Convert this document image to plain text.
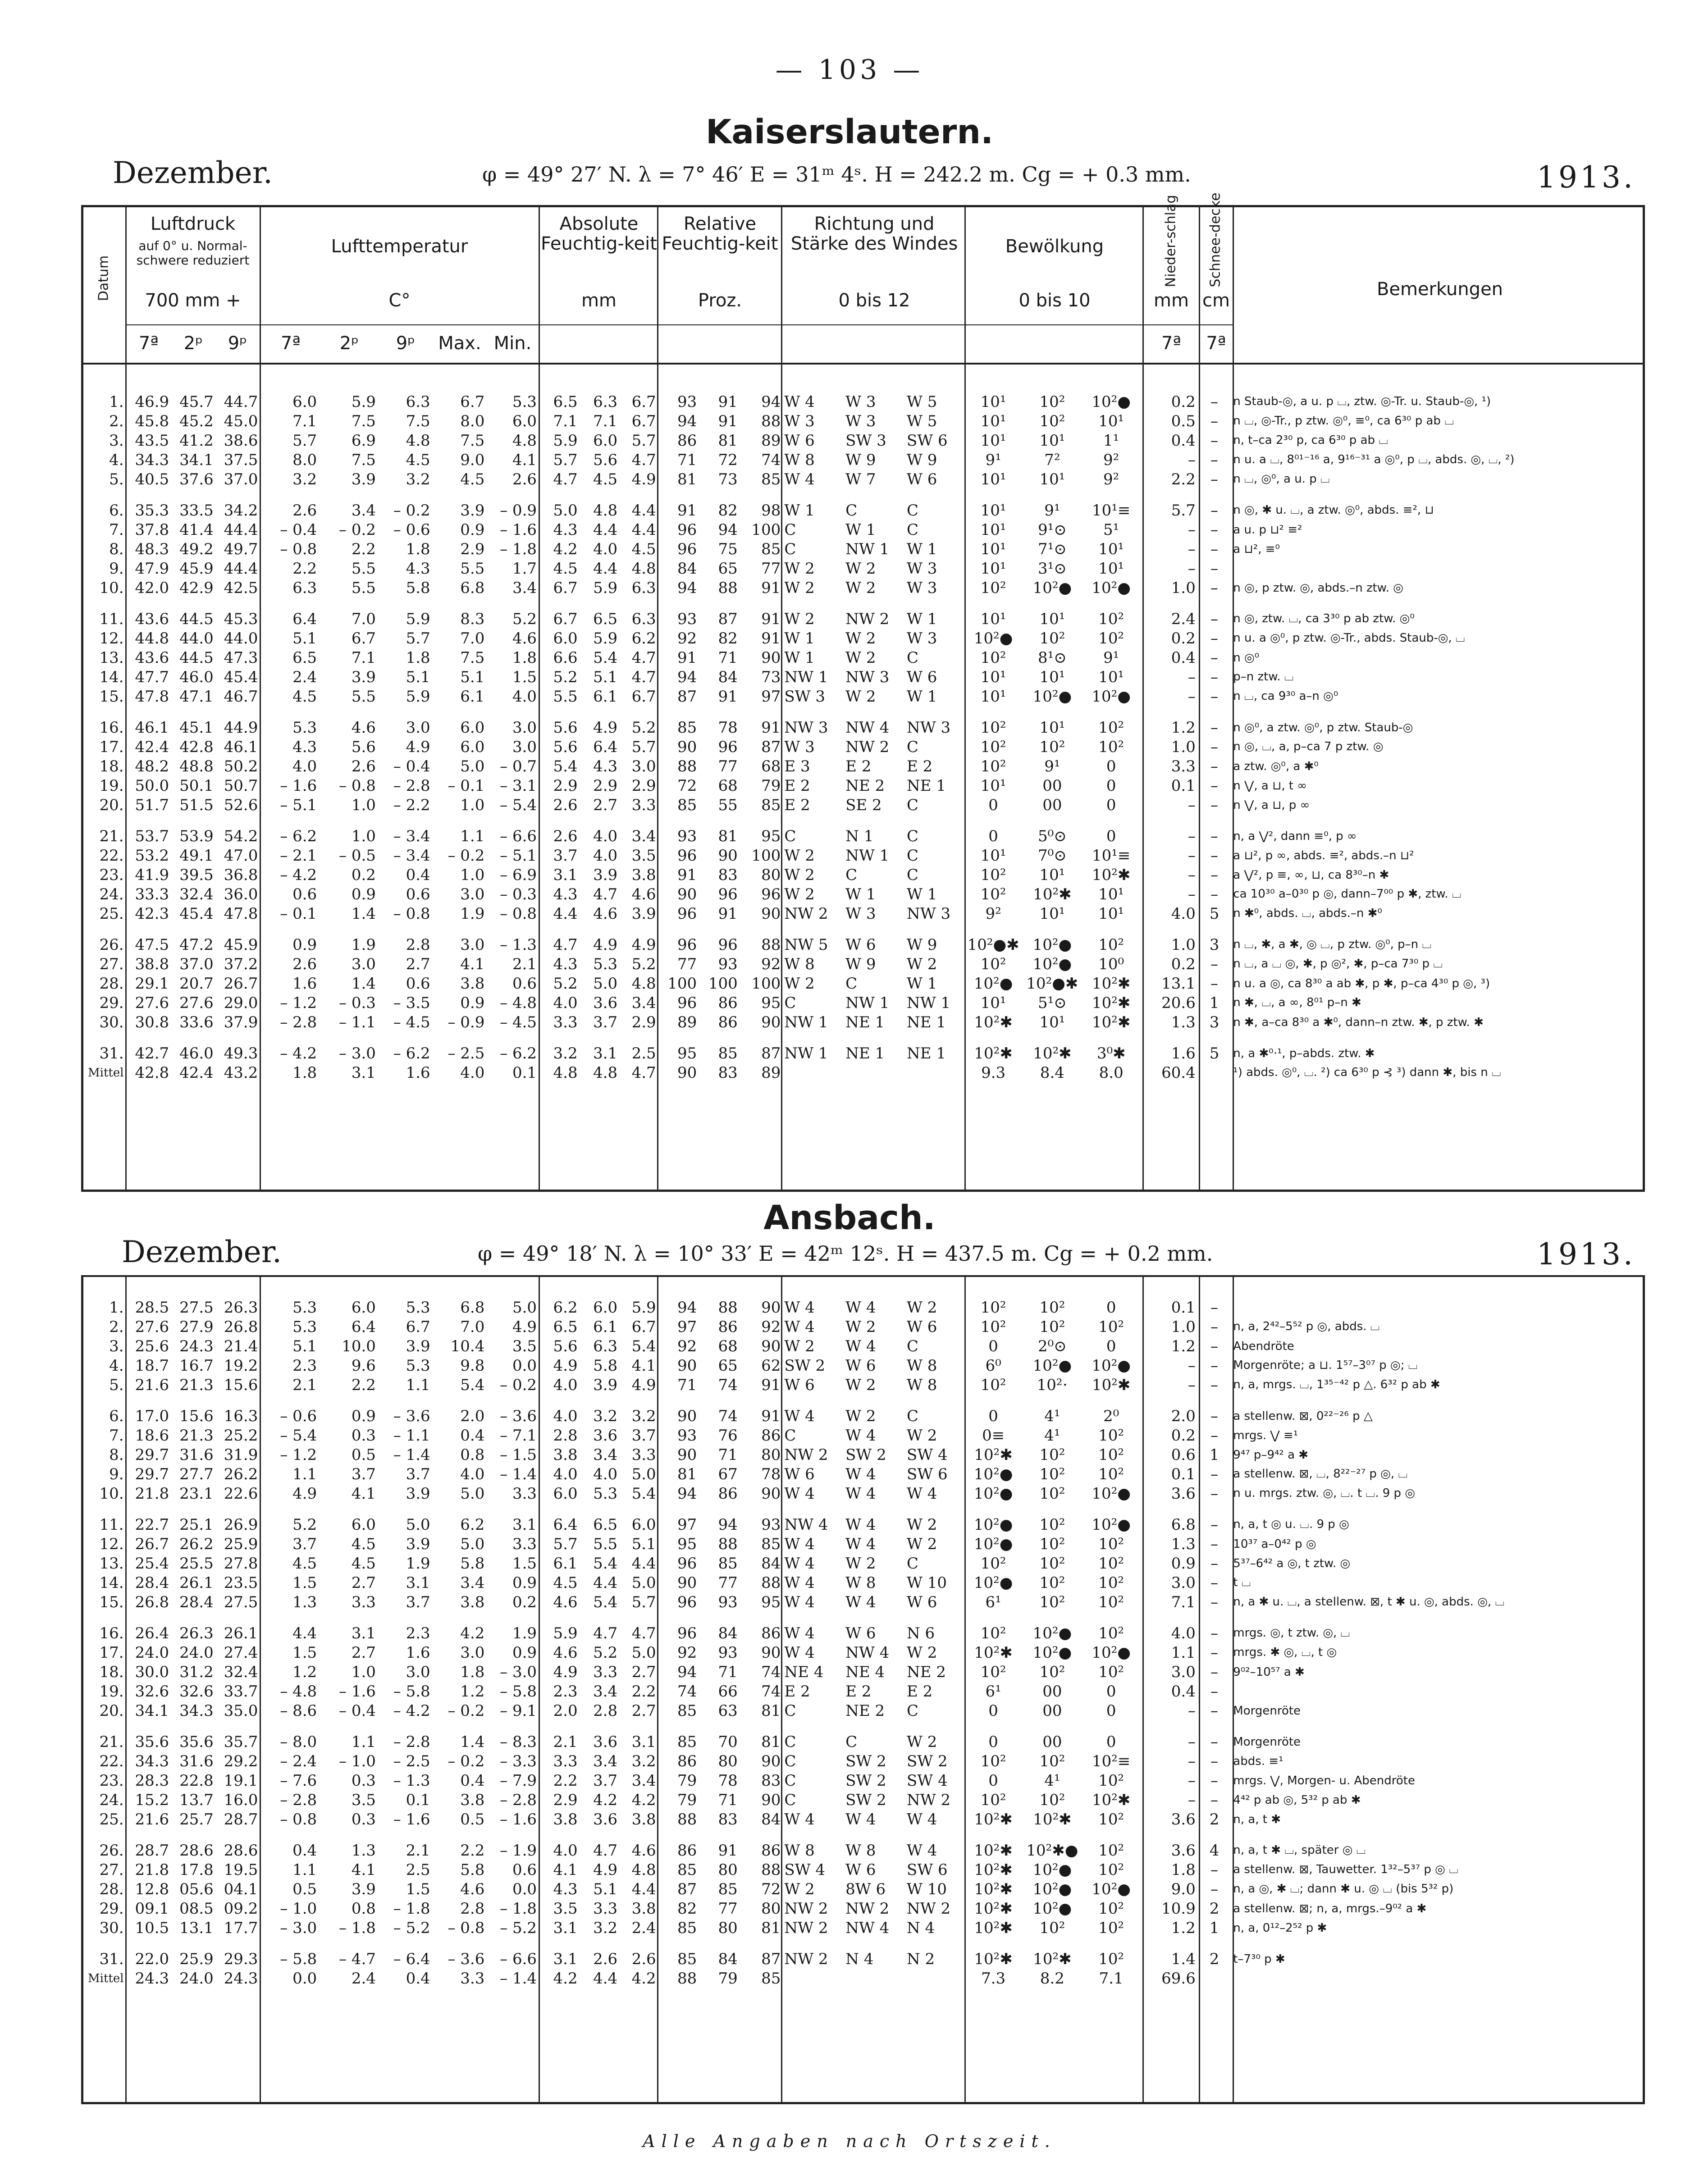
— 103 —
Kaiserslautern.
Dezember.	φ = 49° 27′ N. λ = 7° 46′ E = 31ᵐ 4ˢ. H = 242.2 m. Cg = + 0.3 mm.	1913.
Datum
Luftdruck
auf 0° u. Normal-schwere reduziert
700 mm +
Lufttemperatur
C°
Absolute Feuchtig-keit
mm
Relative Feuchtig-keit
Proz.
Richtung und Stärke des Windes
0 bis 12
Bewölkung
0 bis 10
Nieder-schlag
mm
Schnee-decke
cm
Bemerkungen
7ª	2ᵖ	9ᵖ	7ª	2ᵖ	9ᵖ	Max. Min.	7ª	7ª
1.	46.9	45.7	44.7	6.0	5.9	6.3	6.7	5.3	6.5	6.3	6.7	93	91	94	W 4	W 3	W 5	10¹	10²	10²●	0.2	–	n Staub-◎, a u. p ⌴, ztw. ◎-Tr. u. Staub-◎, ¹)
2.	45.8	45.2	45.0	7.1	7.5	7.5	8.0	6.0	7.1	7.1	6.7	94	91	88	W 3	W 3	W 5	10¹	10²	10¹	0.5	–	n ⌴, ◎-Tr., p ztw. ◎⁰, ≡⁰, ca 6³⁰ p ab ⌴
3.	43.5	41.2	38.6	5.7	6.9	4.8	7.5	4.8	5.9	6.0	5.7	86	81	89	W 6	SW 3	SW 6	10¹	10¹	1¹	0.4	–	n, t–ca 2³⁰ p, ca 6³⁰ p ab ⌴
4.	34.3	34.1	37.5	8.0	7.5	4.5	9.0	4.1	5.7	5.6	4.7	71	72	74	W 8	W 9	W 9	9¹	7²	9²	–	–	n u. a ⌴, 8⁰¹⁻¹⁶ a, 9¹⁶⁻³¹ a ◎⁰, p ⌴, abds. ◎, ⌴, ²)
5.	40.5	37.6	37.0	3.2	3.9	3.2	4.5	2.6	4.7	4.5	4.9	81	73	85	W 4	W 7	W 6	10¹	10¹	9²	2.2	–	n ⌴, ◎⁰, a u. p ⌴
6.	35.3	33.5	34.2	2.6	3.4	– 0.2	3.9	– 0.9	5.0	4.8	4.4	91	82	98	W 1	C	C	10¹	9¹	10¹≡	5.7	–	n ◎, ✱ u. ⌴, a ztw. ◎⁰, abds. ≡², ⊔
7.	37.8	41.4	44.4	– 0.4	– 0.2	– 0.6	0.9	– 1.6	4.3	4.4	4.4	96	94	100	C	W 1	C	10¹	9¹⊙	5¹	–	–	a u. p ⊔² ≡²
8.	48.3	49.2	49.7	– 0.8	2.2	1.8	2.9	– 1.8	4.2	4.0	4.5	96	75	85	C	NW 1	W 1	10¹	7¹⊙	10¹	–	–	a ⊔², ≡⁰
9.	47.9	45.9	44.4	2.2	5.5	4.3	5.5	1.7	4.5	4.4	4.8	84	65	77	W 2	W 2	W 3	10¹	3¹⊙	10¹	–	–	
10.	42.0	42.9	42.5	6.3	5.5	5.8	6.8	3.4	6.7	5.9	6.3	94	88	91	W 2	W 2	W 3	10²	10²●	10²●	1.0	–	n ◎, p ztw. ◎, abds.–n ztw. ◎
11.	43.6	44.5	45.3	6.4	7.0	5.9	8.3	5.2	6.7	6.5	6.3	93	87	91	W 2	NW 2	W 1	10¹	10¹	10²	2.4	–	n ◎, ztw. ⌴, ca 3³⁰ p ab ztw. ◎⁰
12.	44.8	44.0	44.0	5.1	6.7	5.7	7.0	4.6	6.0	5.9	6.2	92	82	91	W 1	W 2	W 3	10²●	10²	10²	0.2	–	n u. a ◎⁰, p ztw. ◎-Tr., abds. Staub-◎, ⌴
13.	43.6	44.5	47.3	6.5	7.1	1.8	7.5	1.8	6.6	5.4	4.7	91	71	90	W 1	W 2	C	10²	8¹⊙	9¹	0.4	–	n ◎⁰
14.	47.7	46.0	45.4	2.4	3.9	5.1	5.1	1.5	5.2	5.1	4.7	94	84	73	NW 1	NW 3	W 6	10¹	10¹	10¹	–	–	p–n ztw. ⌴
15.	47.8	47.1	46.7	4.5	5.5	5.9	6.1	4.0	5.5	6.1	6.7	87	91	97	SW 3	W 2	W 1	10¹	10²●	10²●	–	–	n ⌴, ca 9³⁰ a–n ◎⁰
16.	46.1	45.1	44.9	5.3	4.6	3.0	6.0	3.0	5.6	4.9	5.2	85	78	91	NW 3	NW 4	NW 3	10²	10¹	10²	1.2	–	n ◎⁰, a ztw. ◎⁰, p ztw. Staub-◎
17.	42.4	42.8	46.1	4.3	5.6	4.9	6.0	3.0	5.6	6.4	5.7	90	96	87	W 3	NW 2	C	10²	10²	10²	1.0	–	n ◎, ⌴, a, p–ca 7 p ztw. ◎
18.	48.2	48.8	50.2	4.0	2.6	– 0.4	5.0	– 0.7	5.4	4.3	3.0	88	77	68	E 3	E 2	E 2	10²	9¹	0	3.3	–	a ztw. ◎⁰, a ✱⁰
19.	50.0	50.1	50.7	– 1.6	– 0.8	– 2.8	– 0.1	– 3.1	2.9	2.9	2.9	72	68	79	E 2	NE 2	NE 1	10¹	00	0	0.1	–	n ⋁, a ⊔, t ∞
20.	51.7	51.5	52.6	– 5.1	1.0	– 2.2	1.0	– 5.4	2.6	2.7	3.3	85	55	85	E 2	SE 2	C	0	00	0	–	–	n ⋁, a ⊔, p ∞
21.	53.7	53.9	54.2	– 6.2	1.0	– 3.4	1.1	– 6.6	2.6	4.0	3.4	93	81	95	C	N 1	C	0	5⁰⊙	0	–	–	n, a ⋁², dann ≡⁰, p ∞
22.	53.2	49.1	47.0	– 2.1	– 0.5	– 3.4	– 0.2	– 5.1	3.7	4.0	3.5	96	90	100	W 2	NW 1	C	10¹	7⁰⊙	10¹≡	–	–	a ⊔², p ∞, abds. ≡², abds.–n ⊔²
23.	41.9	39.5	36.8	– 4.2	0.2	0.4	1.0	– 6.9	3.1	3.9	3.8	91	83	80	W 2	C	C	10²	10¹	10²✱	–	–	a ⋁², p ≡, ∞, ⊔, ca 8³⁰–n ✱
24.	33.3	32.4	36.0	0.6	0.9	0.6	3.0	– 0.3	4.3	4.7	4.6	90	96	96	W 2	W 1	W 1	10²	10²✱	10¹	–	–	ca 10³⁰ a–0³⁰ p ◎, dann–7⁰⁰ p ✱, ztw. ⌴
25.	42.3	45.4	47.8	– 0.1	1.4	– 0.8	1.9	– 0.8	4.4	4.6	3.9	96	91	90	NW 2	W 3	NW 3	9²	10¹	10¹	4.0	5	n ✱⁰, abds. ⌴, abds.–n ✱⁰
26.	47.5	47.2	45.9	0.9	1.9	2.8	3.0	– 1.3	4.7	4.9	4.9	96	96	88	NW 5	W 6	W 9	10²●✱	10²●	10²	1.0	3	n ⌴, ✱, a ✱, ◎ ⌴, p ztw. ◎⁰, p–n ⌴
27.	38.8	37.0	37.2	2.6	3.0	2.7	4.1	2.1	4.3	5.3	5.2	77	93	92	W 8	W 9	W 2	10²	10²●	10⁰	0.2	–	n ⌴, a ⌴ ◎, ✱, p ◎², ✱, p–ca 7³⁰ p ⌴
28.	29.1	20.7	26.7	1.6	1.4	0.6	3.8	0.6	5.2	5.0	4.8	100	100	100	W 2	C	W 1	10²●	10²●✱	10²✱	13.1	–	n u. a ◎, ca 8³⁰ a ab ✱, p ✱, p–ca 4³⁰ p ◎, ³)
29.	27.6	27.6	29.0	– 1.2	– 0.3	– 3.5	0.9	– 4.8	4.0	3.6	3.4	96	86	95	C	NW 1	NW 1	10¹	5¹⊙	10²✱	20.6	1	n ✱, ⌴, a ∞, 8⁰¹ p–n ✱
30.	30.8	33.6	37.9	– 2.8	– 1.1	– 4.5	– 0.9	– 4.5	3.3	3.7	2.9	89	86	90	NW 1	NE 1	NE 1	10²✱	10¹	10²✱	1.3	3	n ✱, a–ca 8³⁰ a ✱⁰, dann–n ztw. ✱, p ztw. ✱
31.	42.7	46.0	49.3	– 4.2	– 3.0	– 6.2	– 2.5	– 6.2	3.2	3.1	2.5	95	85	87	NW 1	NE 1	NE 1	10²✱	10²✱	3⁰✱	1.6	5	n, a ✱⁰⋅¹, p–abds. ztw. ✱
Mittel	42.8	42.4	43.2	1.8	3.1	1.6	4.0	0.1	4.8	4.8	4.7	90	83	89				9.3	8.4	8.0	60.4		¹) abds. ◎⁰, ⌴. ²) ca 6³⁰ p ⊰ ³) dann ✱, bis n ⌴
Ansbach.
Dezember.	φ = 49° 18′ N. λ = 10° 33′ E = 42ᵐ 12ˢ. H = 437.5 m. Cg = + 0.2 mm.	1913.
1.	28.5	27.5	26.3	5.3	6.0	5.3	6.8	5.0	6.2	6.0	5.9	94	88	90	W 4	W 4	W 2	10²	10²	0	0.1	–	
2.	27.6	27.9	26.8	5.3	6.4	6.7	7.0	4.9	6.5	6.1	6.7	97	86	92	W 4	W 2	W 6	10²	10²	10²	1.0	–	n, a, 2⁴²–5⁵² p ◎, abds. ⌴
3.	25.6	24.3	21.4	5.1	10.0	3.9	10.4	3.5	5.6	6.3	5.4	92	68	90	W 2	W 4	C	0	2⁰⊙	0	1.2	–	Abendröte
4.	18.7	16.7	19.2	2.3	9.6	5.3	9.8	0.0	4.9	5.8	4.1	90	65	62	SW 2	W 6	W 8	6⁰	10²●	10²●	–	–	Morgenröte; a ⊔. 1⁵⁷–3⁰⁷ p ◎; ⌴
5.	21.6	21.3	15.6	2.1	2.2	1.1	5.4	– 0.2	4.0	3.9	4.9	71	74	91	W 6	W 2	W 8	10²	10²⋅	10²✱	–	–	n, a, mrgs. ⌴, 1³⁵⁻⁴² p △. 6³² p ab ✱
6.	17.0	15.6	16.3	– 0.6	0.9	– 3.6	2.0	– 3.6	4.0	3.2	3.2	90	74	91	W 4	W 2	C	0	4¹	2⁰	2.0	–	a stellenw. ⊠, 0²²⁻²⁶ p △
7.	18.6	21.3	25.2	– 5.4	0.3	– 1.1	0.4	– 7.1	2.8	3.6	3.7	93	76	86	C	W 4	W 2	0≡	4¹	10²	0.2	–	mrgs. ⋁ ≡¹
8.	29.7	31.6	31.9	– 1.2	0.5	– 1.4	0.8	– 1.5	3.8	3.4	3.3	90	71	80	NW 2	SW 2	SW 4	10²✱	10²	10²	0.6	1	9⁴⁷ p–9⁴² a ✱
9.	29.7	27.7	26.2	1.1	3.7	3.7	4.0	– 1.4	4.0	4.0	5.0	81	67	78	W 6	W 4	SW 6	10²●	10²	10²	0.1	–	a stellenw. ⊠, ⌴, 8²²⁻²⁷ p ◎, ⌴
10.	21.8	23.1	22.6	4.9	4.1	3.9	5.0	3.3	6.0	5.3	5.4	94	86	90	W 4	W 4	W 4	10²●	10²	10²●	3.6	–	n u. mrgs. ztw. ◎, ⌴. t ⌴. 9 p ◎
11.	22.7	25.1	26.9	5.2	6.0	5.0	6.2	3.1	6.4	6.5	6.0	97	94	93	NW 4	W 4	W 2	10²●	10²	10²●	6.8	–	n, a, t ◎ u. ⌴. 9 p ◎
12.	26.7	26.2	25.9	3.7	4.5	3.9	5.0	3.3	5.7	5.5	5.1	95	88	85	W 4	W 4	W 2	10²●	10²	10²	1.3	–	10³⁷ a–0⁴² p ◎
13.	25.4	25.5	27.8	4.5	4.5	1.9	5.8	1.5	6.1	5.4	4.4	96	85	84	W 4	W 2	C	10²	10²	10²	0.9	–	5³⁷–6⁴² a ◎, t ztw. ◎
14.	28.4	26.1	23.5	1.5	2.7	3.1	3.4	0.9	4.5	4.4	5.0	90	77	88	W 4	W 8	W 10	10²●	10²	10²	3.0	–	t ⌴
15.	26.8	28.4	27.5	1.3	3.3	3.7	3.8	0.2	4.6	5.4	5.7	96	93	95	W 4	W 4	W 6	6¹	10²	10²	7.1	–	n, a ✱ u. ⌴, a stellenw. ⊠, t ✱ u. ◎, abds. ◎, ⌴
16.	26.4	26.3	26.1	4.4	3.1	2.3	4.2	1.9	5.9	4.7	4.7	96	84	86	W 4	W 6	N 6	10²	10²●	10²	4.0	–	mrgs. ◎, t ztw. ◎, ⌴
17.	24.0	24.0	27.4	1.5	2.7	1.6	3.0	0.9	4.6	5.2	5.0	92	93	90	W 4	NW 4	W 2	10²✱	10²●	10²●	1.1	–	mrgs. ✱ ◎, ⌴, t ◎
18.	30.0	31.2	32.4	1.2	1.0	3.0	1.8	– 3.0	4.9	3.3	2.7	94	71	74	NE 4	NE 4	NE 2	10²	10²	10²	3.0	–	9⁰²–10⁵⁷ a ✱
19.	32.6	32.6	33.7	– 4.8	– 1.6	– 5.8	1.2	– 5.8	2.3	3.4	2.2	74	66	74	E 2	E 2	E 2	6¹	00	0	0.4	–	
20.	34.1	34.3	35.0	– 8.6	– 0.4	– 4.2	– 0.2	– 9.1	2.0	2.8	2.7	85	63	81	C	NE 2	C	0	00	0	–	–	Morgenröte
21.	35.6	35.6	35.7	– 8.0	1.1	– 2.8	1.4	– 8.3	2.1	3.6	3.1	85	70	81	C	C	W 2	0	00	0	–	–	Morgenröte
22.	34.3	31.6	29.2	– 2.4	– 1.0	– 2.5	– 0.2	– 3.3	3.3	3.4	3.2	86	80	90	C	SW 2	SW 2	10²	10²	10²≡	–	–	abds. ≡¹
23.	28.3	22.8	19.1	– 7.6	0.3	– 1.3	0.4	– 7.9	2.2	3.7	3.4	79	78	83	C	SW 2	SW 4	0	4¹	10²	–	–	mrgs. ⋁, Morgen- u. Abendröte
24.	15.2	13.7	16.0	– 2.8	3.5	0.1	3.8	– 2.8	2.9	4.2	4.2	79	71	90	C	SW 2	NW 2	10²	10²	10²✱	–	–	4⁴² p ab ◎, 5³² p ab ✱
25.	21.6	25.7	28.7	– 0.8	0.3	– 1.6	0.5	– 1.6	3.8	3.6	3.8	88	83	84	W 4	W 4	W 4	10²✱	10²✱	10²	3.6	2	n, a, t ✱
26.	28.7	28.6	28.6	0.4	1.3	2.1	2.2	– 1.9	4.0	4.7	4.6	86	91	86	W 8	W 8	W 4	10²✱	10²✱●	10²	3.6	4	n, a, t ✱ ⌴, später ◎ ⌴
27.	21.8	17.8	19.5	1.1	4.1	2.5	5.8	0.6	4.1	4.9	4.8	85	80	88	SW 4	W 6	SW 6	10²✱	10²●	10²	1.8	–	a stellenw. ⊠, Tauwetter. 1³²–5³⁷ p ◎ ⌴
28.	12.8	05.6	04.1	0.5	3.9	1.5	4.6	0.0	4.3	5.1	4.4	87	85	72	W 2	8W 6	W 10	10²✱	10²●	10²●	9.0	–	n, a ◎, ✱ ⌴; dann ✱ u. ◎ ⌴ (bis 5³² p)
29.	09.1	08.5	09.2	– 1.0	0.8	– 1.8	2.8	– 1.8	3.5	3.3	3.8	82	77	80	NW 2	NW 2	NW 2	10²✱	10²●	10²	10.9	2	a stellenw. ⊠; n, a, mrgs.–9⁰² a ✱
30.	10.5	13.1	17.7	– 3.0	– 1.8	– 5.2	– 0.8	– 5.2	3.1	3.2	2.4	85	80	81	NW 2	NW 4	N 4	10²✱	10²	10²	1.2	1	n, a, 0¹²–2⁵² p ✱
31.	22.0	25.9	29.3	– 5.8	– 4.7	– 6.4	– 3.6	– 6.6	3.1	2.6	2.6	85	84	87	NW 2	N 4	N 2	10²✱	10²✱	10²	1.4	2	t–7³⁰ p ✱
Mittel	24.3	24.0	24.3	0.0	2.4	0.4	3.3	– 1.4	4.2	4.4	4.2	88	79	85				7.3	8.2	7.1	69.6		
Alle Angaben nach Ortszeit.
